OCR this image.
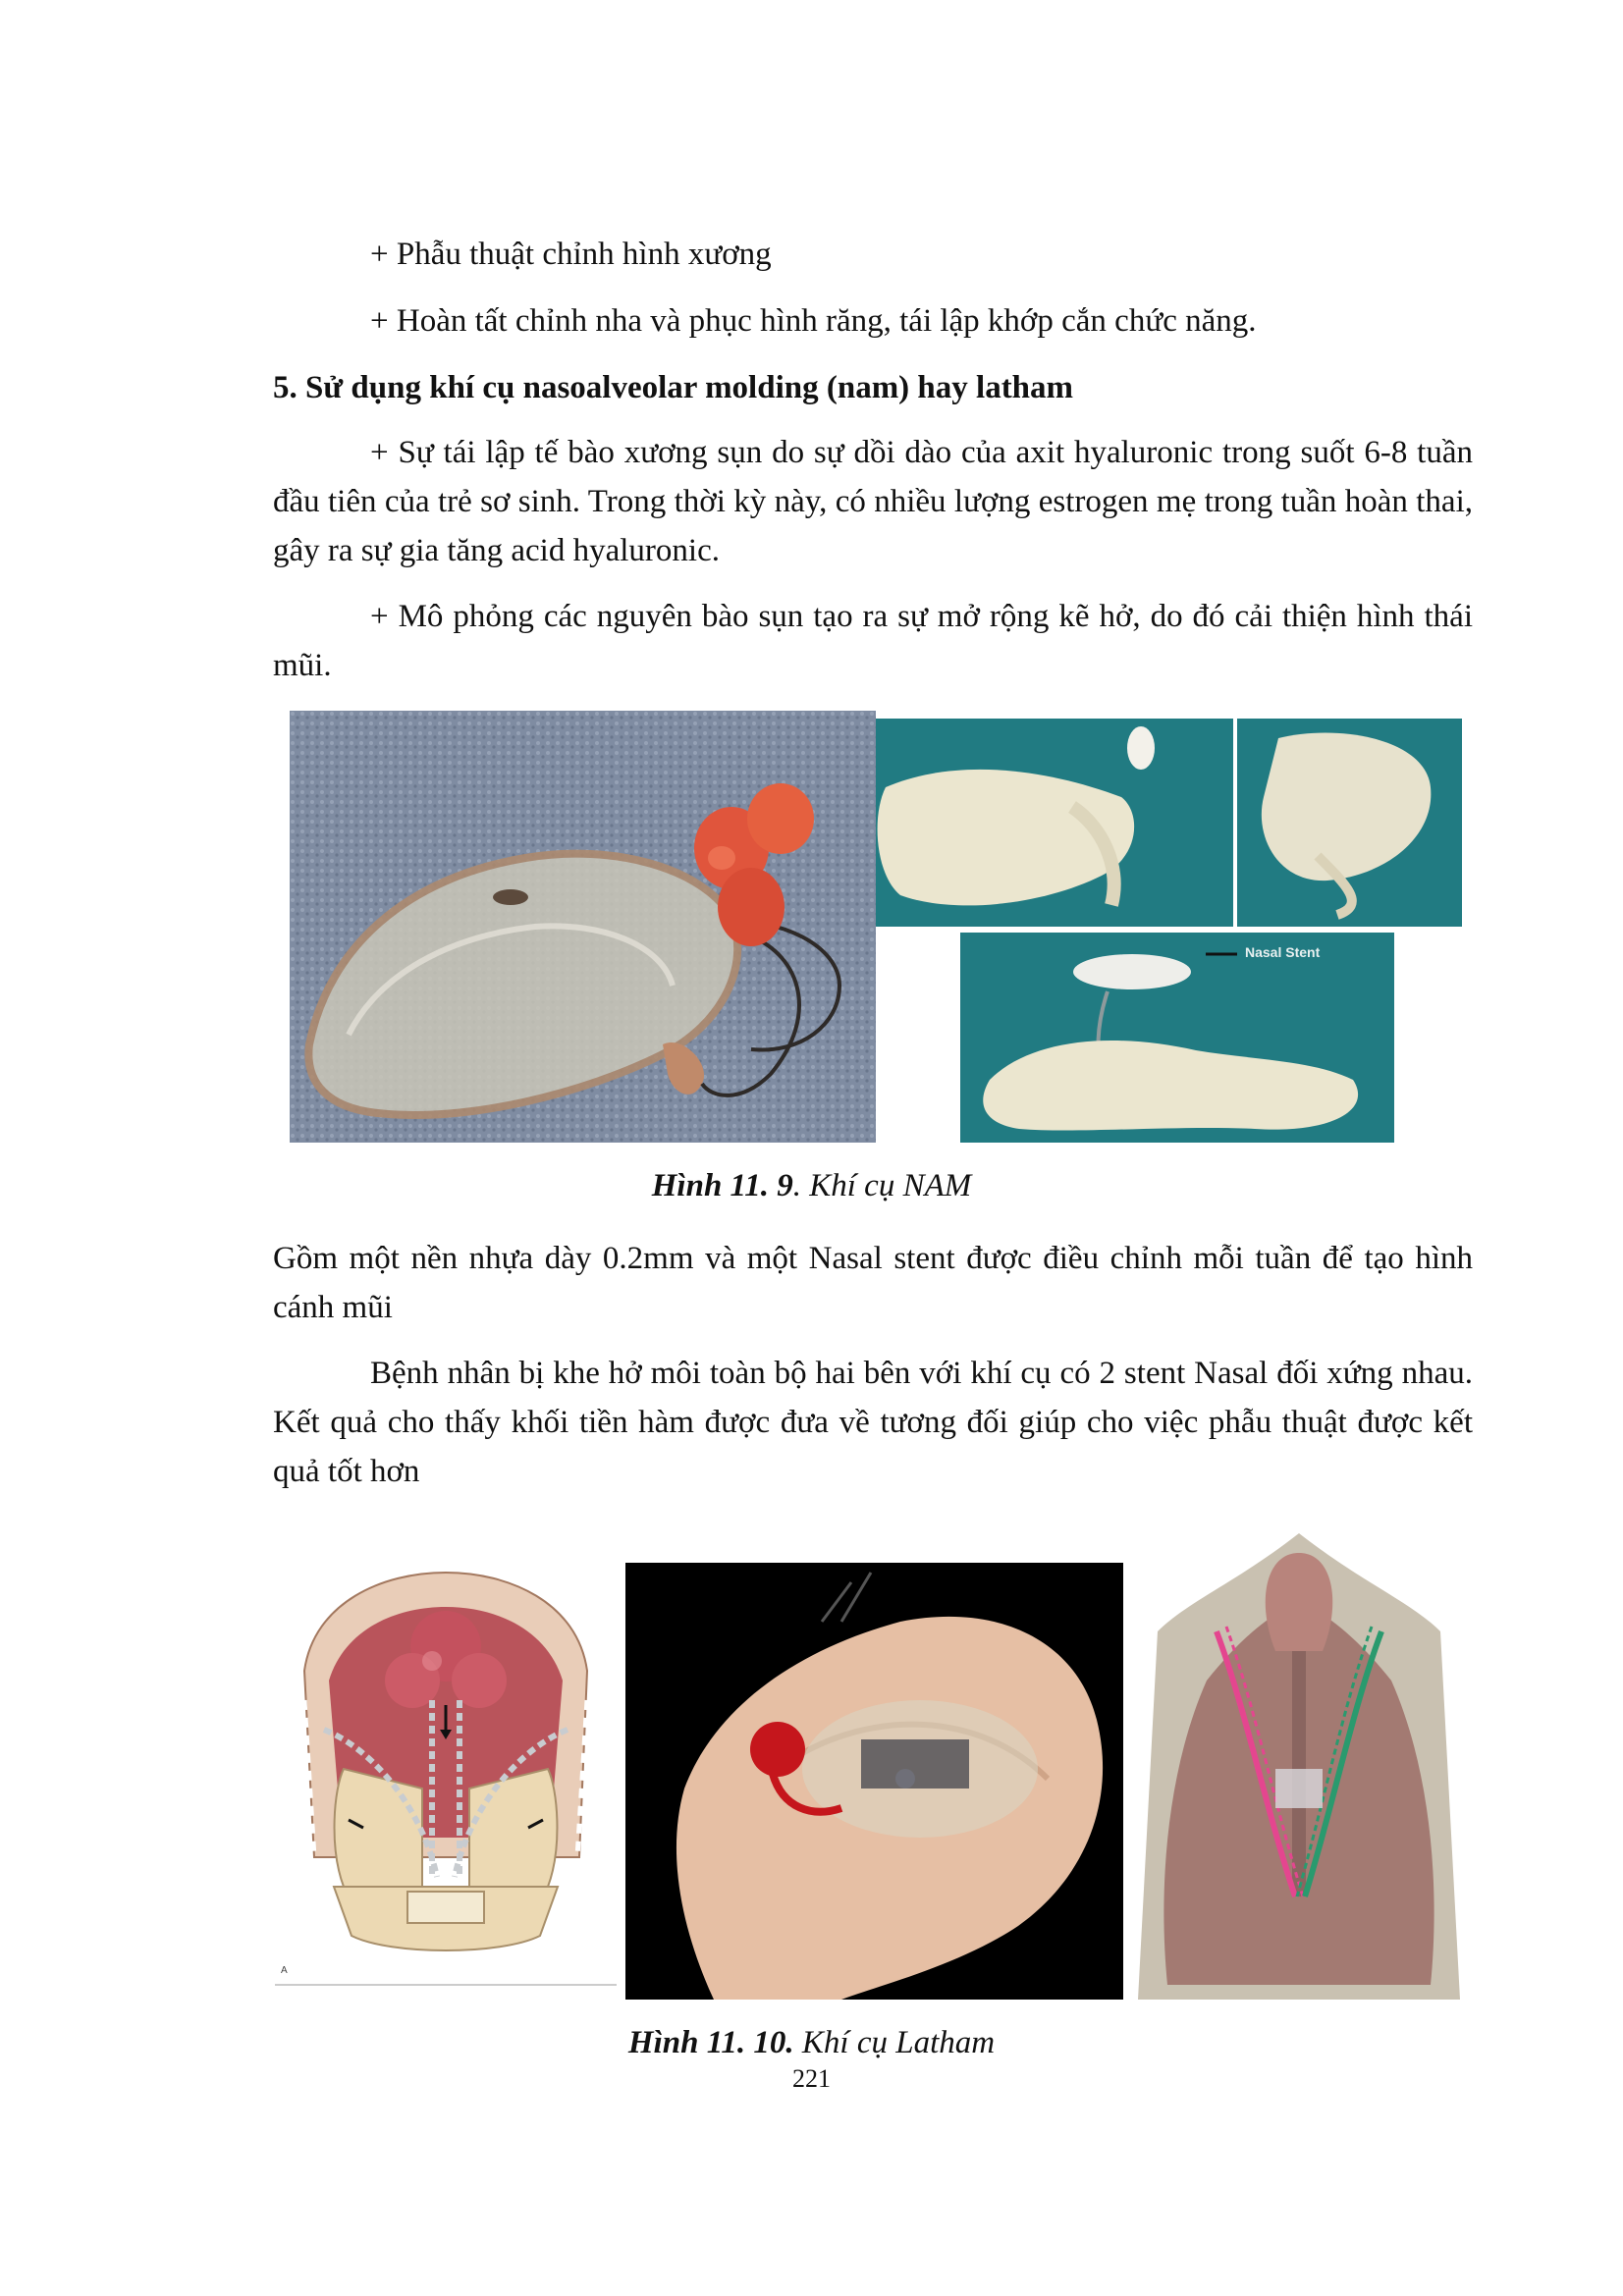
+ Phẫu thuật chỉnh hình xương

+ Hoàn tất chỉnh nha và phục hình răng, tái lập khớp cắn chức năng.

5. Sử dụng khí cụ nasoalveolar molding (nam) hay latham

+ Sự tái lập tế bào xương sụn do sự dồi dào của axit hyaluronic trong suốt 6-8 tuần đầu tiên của trẻ sơ sinh. Trong thời kỳ này, có nhiều lượng estrogen mẹ trong tuần hoàn thai, gây ra sự gia tăng acid hyaluronic.

+ Mô phỏng các nguyên bào sụn tạo ra sự mở rộng kẽ hở, do đó cải thiện hình thái mũi.

Nasal Stent
Hình 11. 9. Khí cụ NAM

Gồm một nền nhựa dày 0.2mm và một Nasal stent được điều chỉnh mỗi tuần để tạo hình cánh mũi

Bệnh nhân bị khe hở môi toàn bộ hai bên với khí cụ có 2 stent Nasal đối xứng nhau. Kết quả cho thấy khối tiền hàm được đưa về tương đối giúp cho việc phẫu thuật được kết quả tốt hơn

A
Hình 11. 10. Khí cụ Latham
221
